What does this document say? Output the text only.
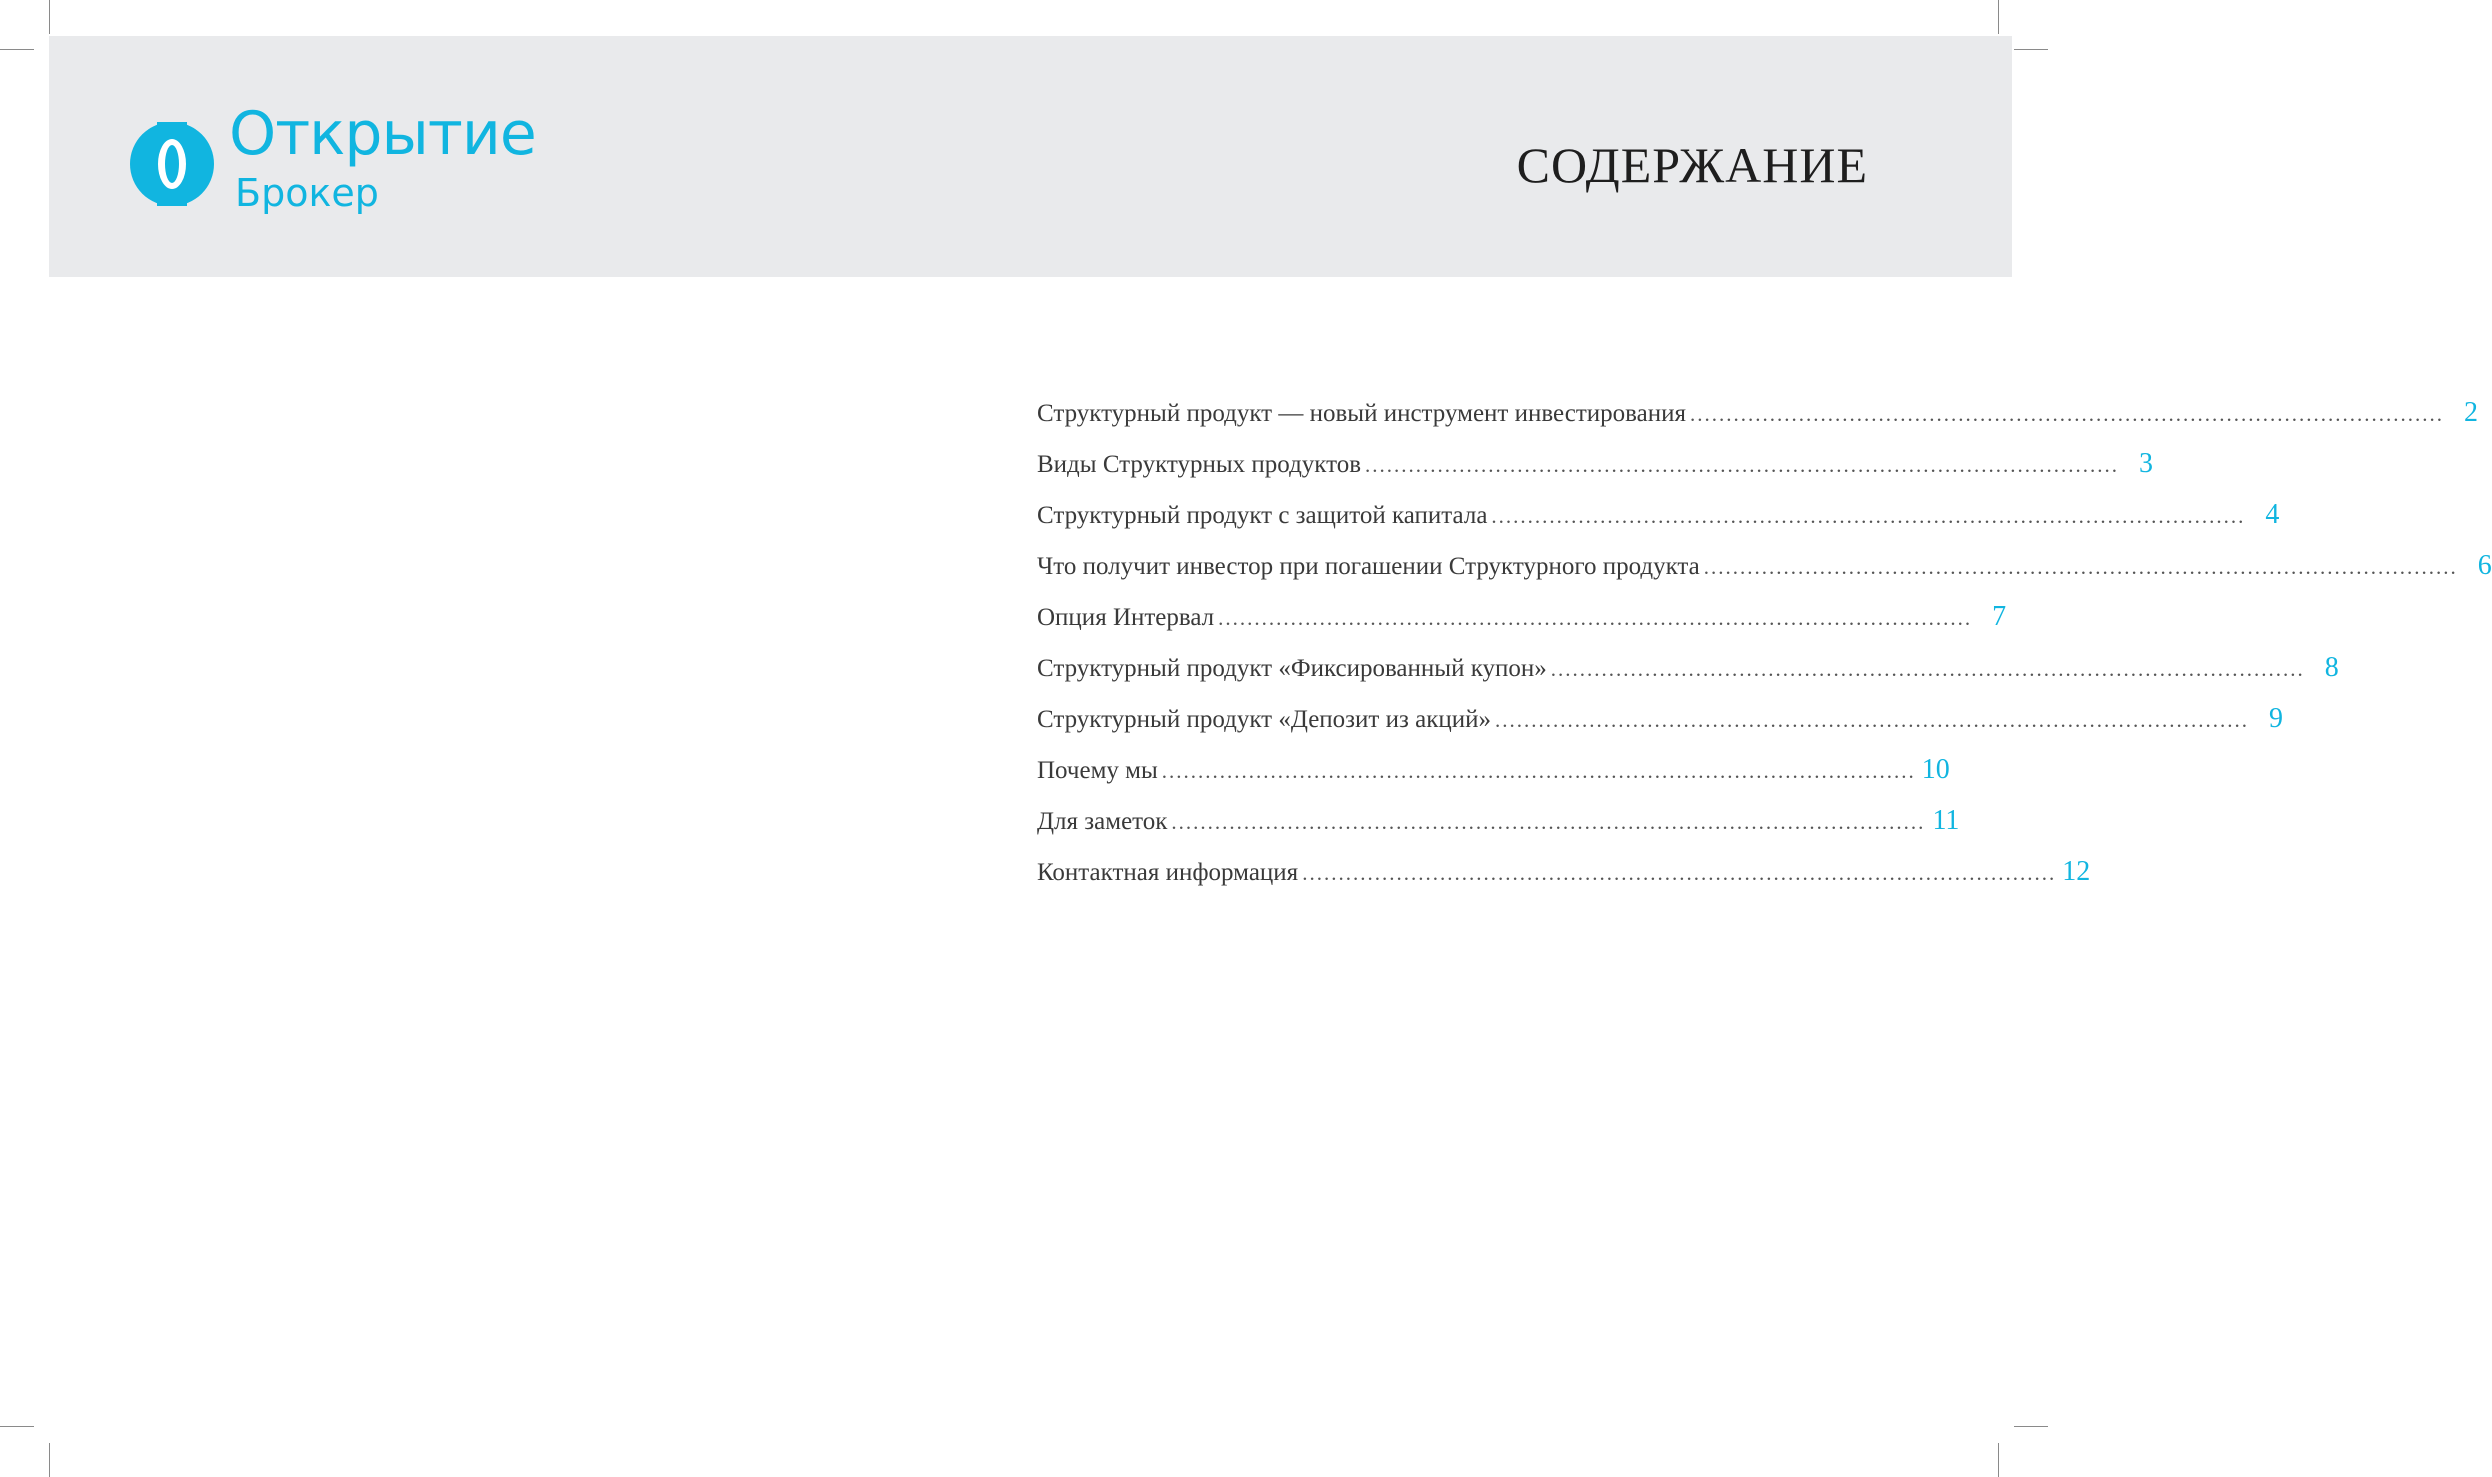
Открытие
Брокер	СОДЕРЖАНИЕ
Структурный продукт — новый инструмент инвестирования ........................................................................................................ 2
Виды Структурных продуктов ........................................................................................................ 3
Структурный продукт с защитой капитала ........................................................................................................ 4
Что получит инвестор при погашении Структурного продукта ........................................................................................................ 6
Опция Интервал ........................................................................................................ 7
Структурный продукт «Фиксированный купон» ........................................................................................................ 8
Структурный продукт «Депозит из акций» ........................................................................................................ 9
Почему мы ........................................................................................................ 10
Для заметок ........................................................................................................ 11
Контактная информация ........................................................................................................ 12
